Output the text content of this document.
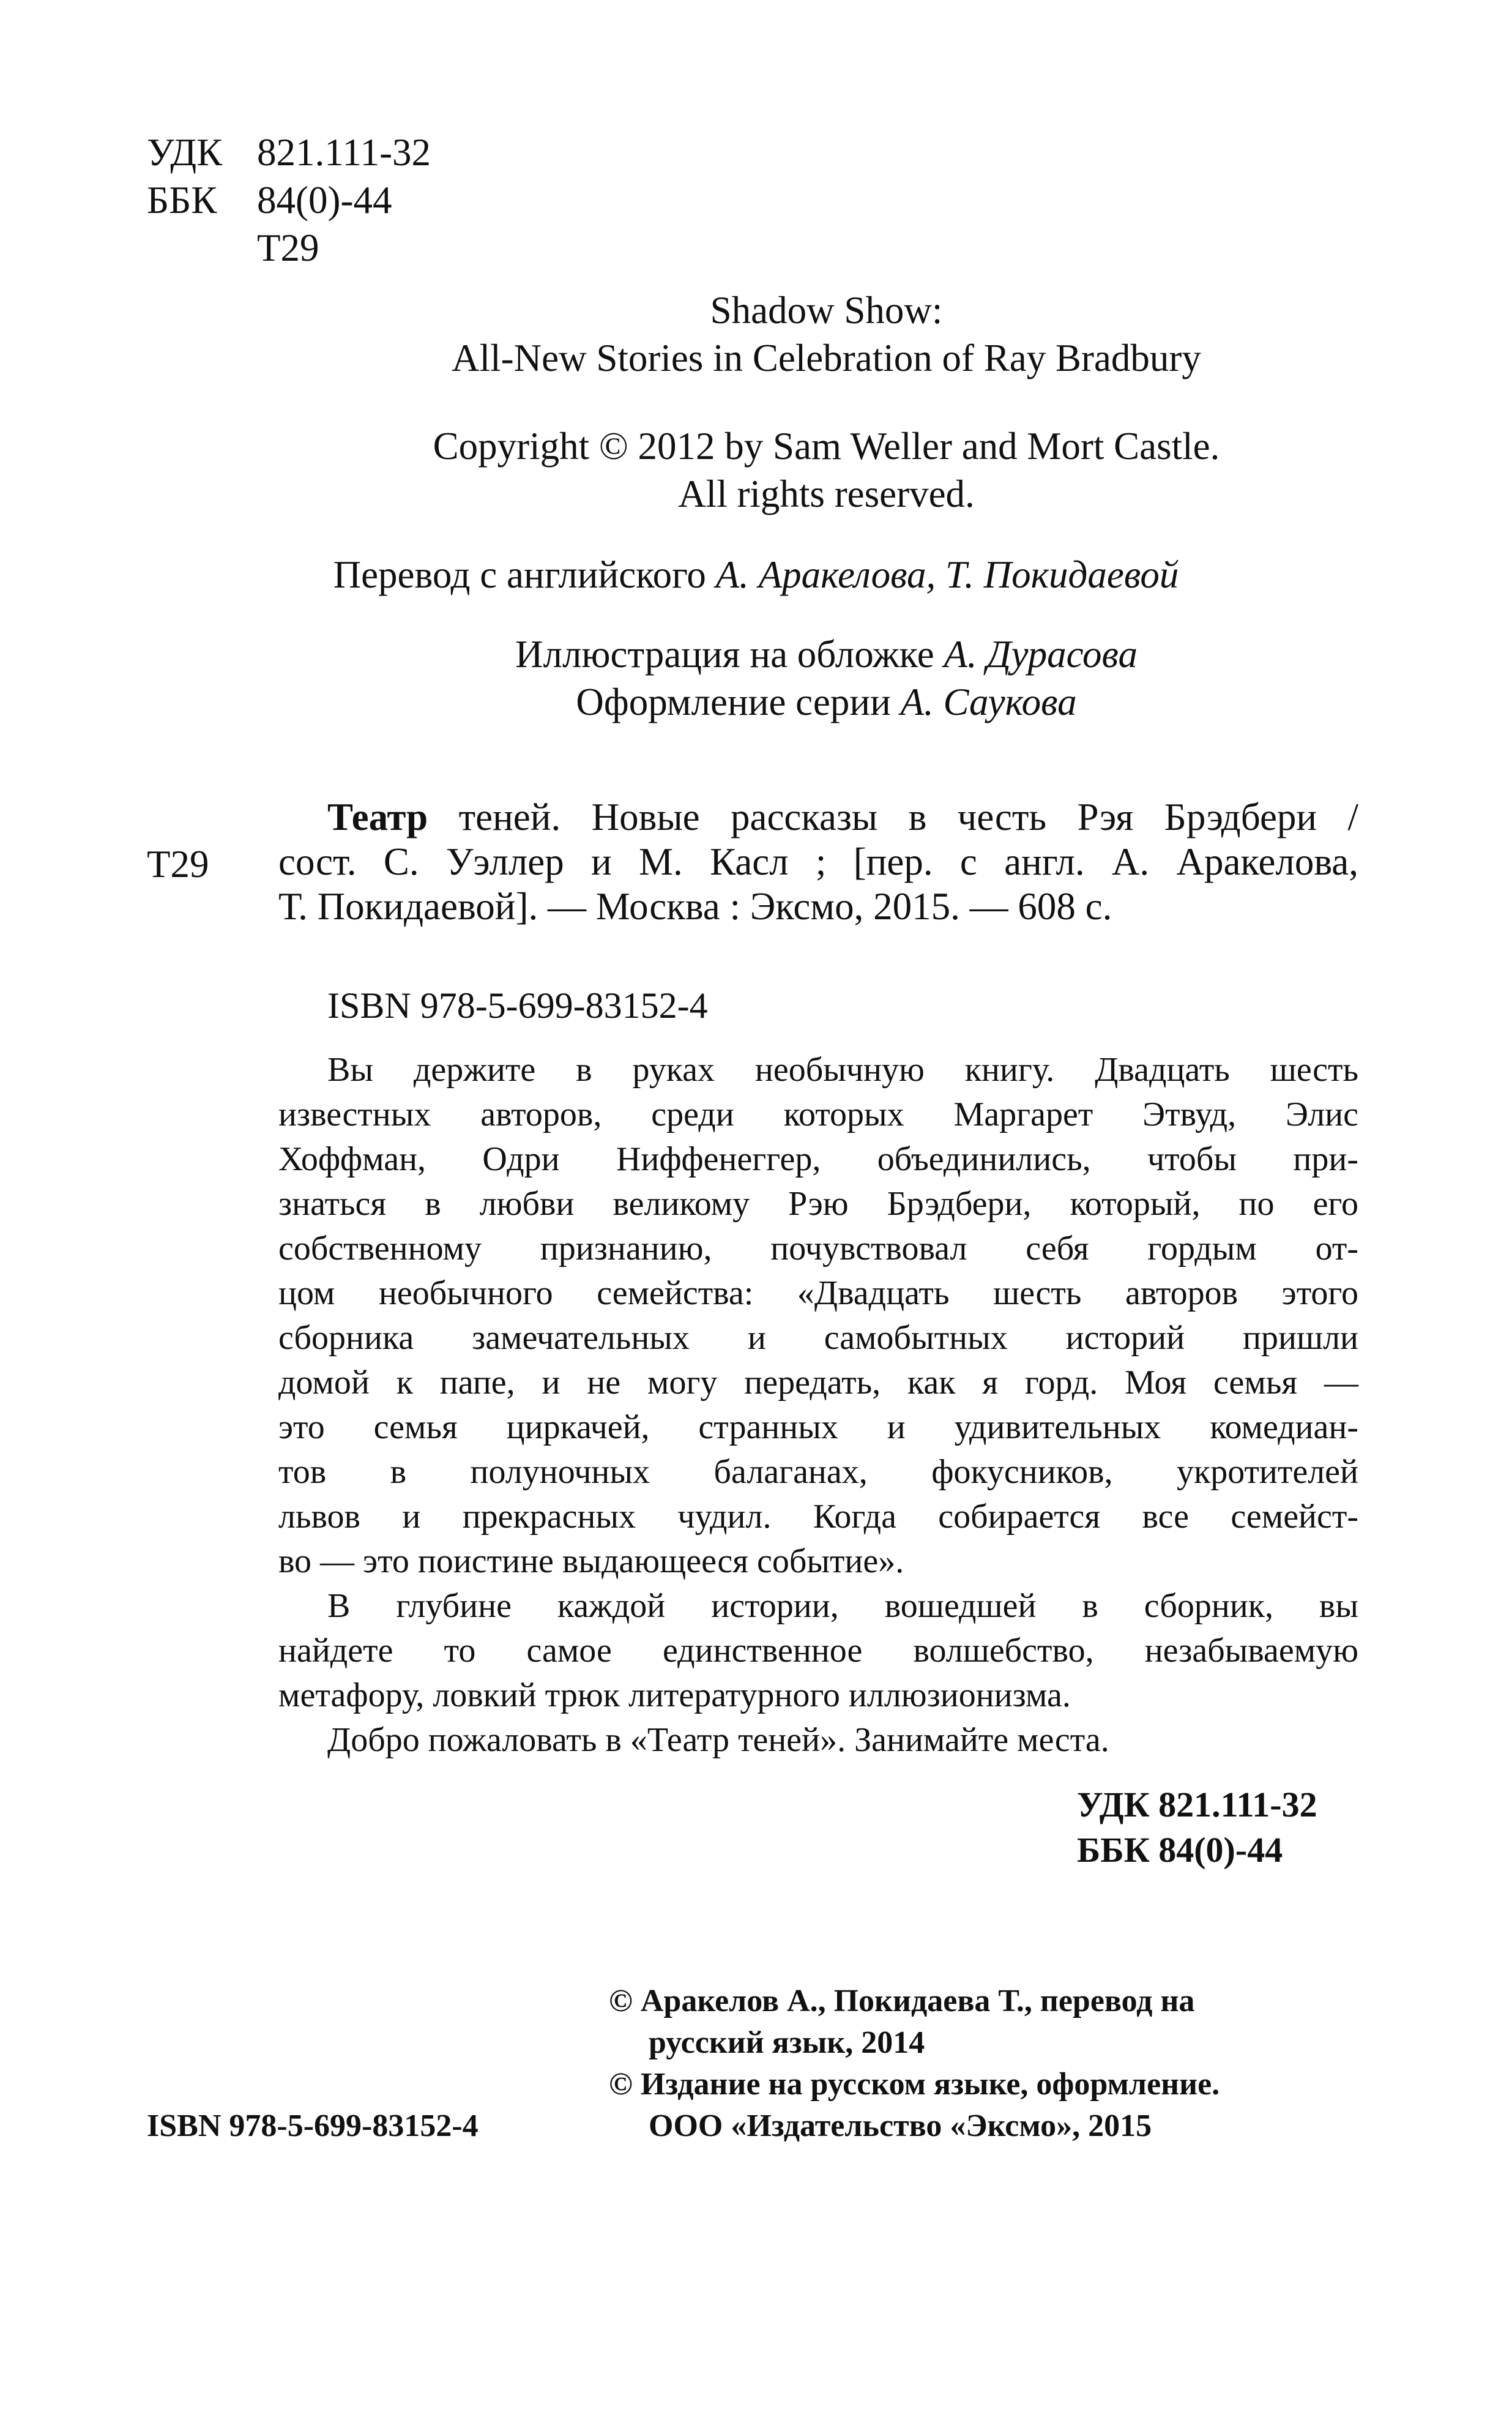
УДК 821.111-32
ББК 84(0)-44
Т29
Shadow Show:
All-New Stories in Celebration of Ray Bradbury
Copyright © 2012 by Sam Weller and Mort Castle.
All rights reserved.
Перевод с английского А. Аракелова, Т. Покидаевой
Иллюстрация на обложке А. Дурасова
Оформление серии А. Саукова
Т29
Театр теней. Новые рассказы в честь Рэя Брэдбери /
сост. С. Уэллер и М. Касл ; [пер. с англ. А. Аракелова,
Т. Покидаевой]. — Москва : Эксмо, 2015. — 608 с.
ISBN 978-5-699-83152-4
Вы держите в руках необычную книгу. Двадцать шесть
известных авторов, среди которых Маргарет Этвуд, Элис
Хоффман, Одри Ниффенеггер, объединились, чтобы при-
знаться в любви великому Рэю Брэдбери, который, по его
собственному признанию, почувствовал себя гордым от-
цом необычного семейства: «Двадцать шесть авторов этого
сборника замечательных и самобытных историй пришли
домой к папе, и не могу передать, как я горд. Моя семья —
это семья циркачей, странных и удивительных комедиан-
тов в полуночных балаганах, фокусников, укротителей
львов и прекрасных чудил. Когда собирается все семейст-
во — это поистине выдающееся событие».
В глубине каждой истории, вошедшей в сборник, вы
найдете то самое единственное волшебство, незабываемую
метафору, ловкий трюк литературного иллюзионизма.
Добро пожаловать в «Театр теней». Занимайте места.
УДК 821.111-32
ББК 84(0)-44
© Аракелов А., Покидаева Т., перевод на
русский язык, 2014
© Издание на русском языке, оформление.
ООО «Издательство «Эксмо», 2015
ISBN 978-5-699-83152-4
